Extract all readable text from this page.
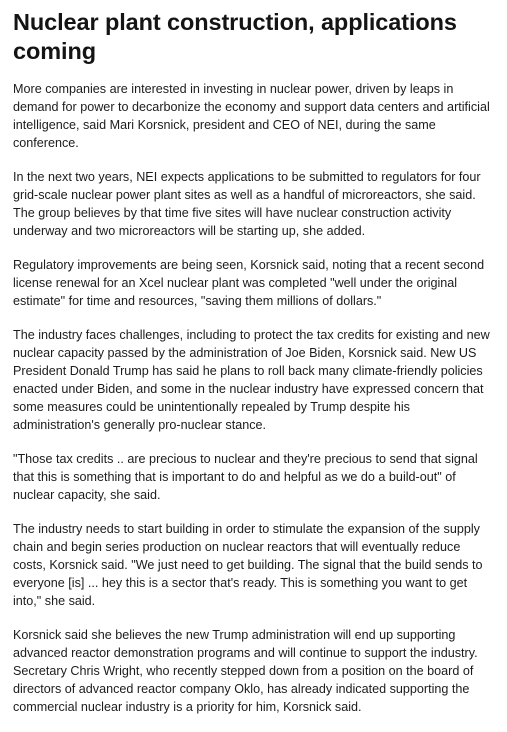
Nuclear plant construction, applications coming

More companies are interested in investing in nuclear power, driven by leaps in demand for power to decarbonize the economy and support data centers and artificial intelligence, said Mari Korsnick, president and CEO of NEI, during the same conference.

In the next two years, NEI expects applications to be submitted to regulators for four grid-scale nuclear power plant sites as well as a handful of microreactors, she said. The group believes by that time five sites will have nuclear construction activity underway and two microreactors will be starting up, she added.

Regulatory improvements are being seen, Korsnick said, noting that a recent second license renewal for an Xcel nuclear plant was completed "well under the original estimate" for time and resources, "saving them millions of dollars."

The industry faces challenges, including to protect the tax credits for existing and new nuclear capacity passed by the administration of Joe Biden, Korsnick said. New US President Donald Trump has said he plans to roll back many climate-friendly policies enacted under Biden, and some in the nuclear industry have expressed concern that some measures could be unintentionally repealed by Trump despite his administration's generally pro-nuclear stance.

"Those tax credits .. are precious to nuclear and they're precious to send that signal that this is something that is important to do and helpful as we do a build-out" of nuclear capacity, she said.

The industry needs to start building in order to stimulate the expansion of the supply chain and begin series production on nuclear reactors that will eventually reduce costs, Korsnick said. "We just need to get building. The signal that the build sends to everyone [is] ... hey this is a sector that's ready. This is something you want to get into," she said.

Korsnick said she believes the new Trump administration will end up supporting advanced reactor demonstration programs and will continue to support the industry. Secretary Chris Wright, who recently stepped down from a position on the board of directors of advanced reactor company Oklo, has already indicated supporting the commercial nuclear industry is a priority for him, Korsnick said.
